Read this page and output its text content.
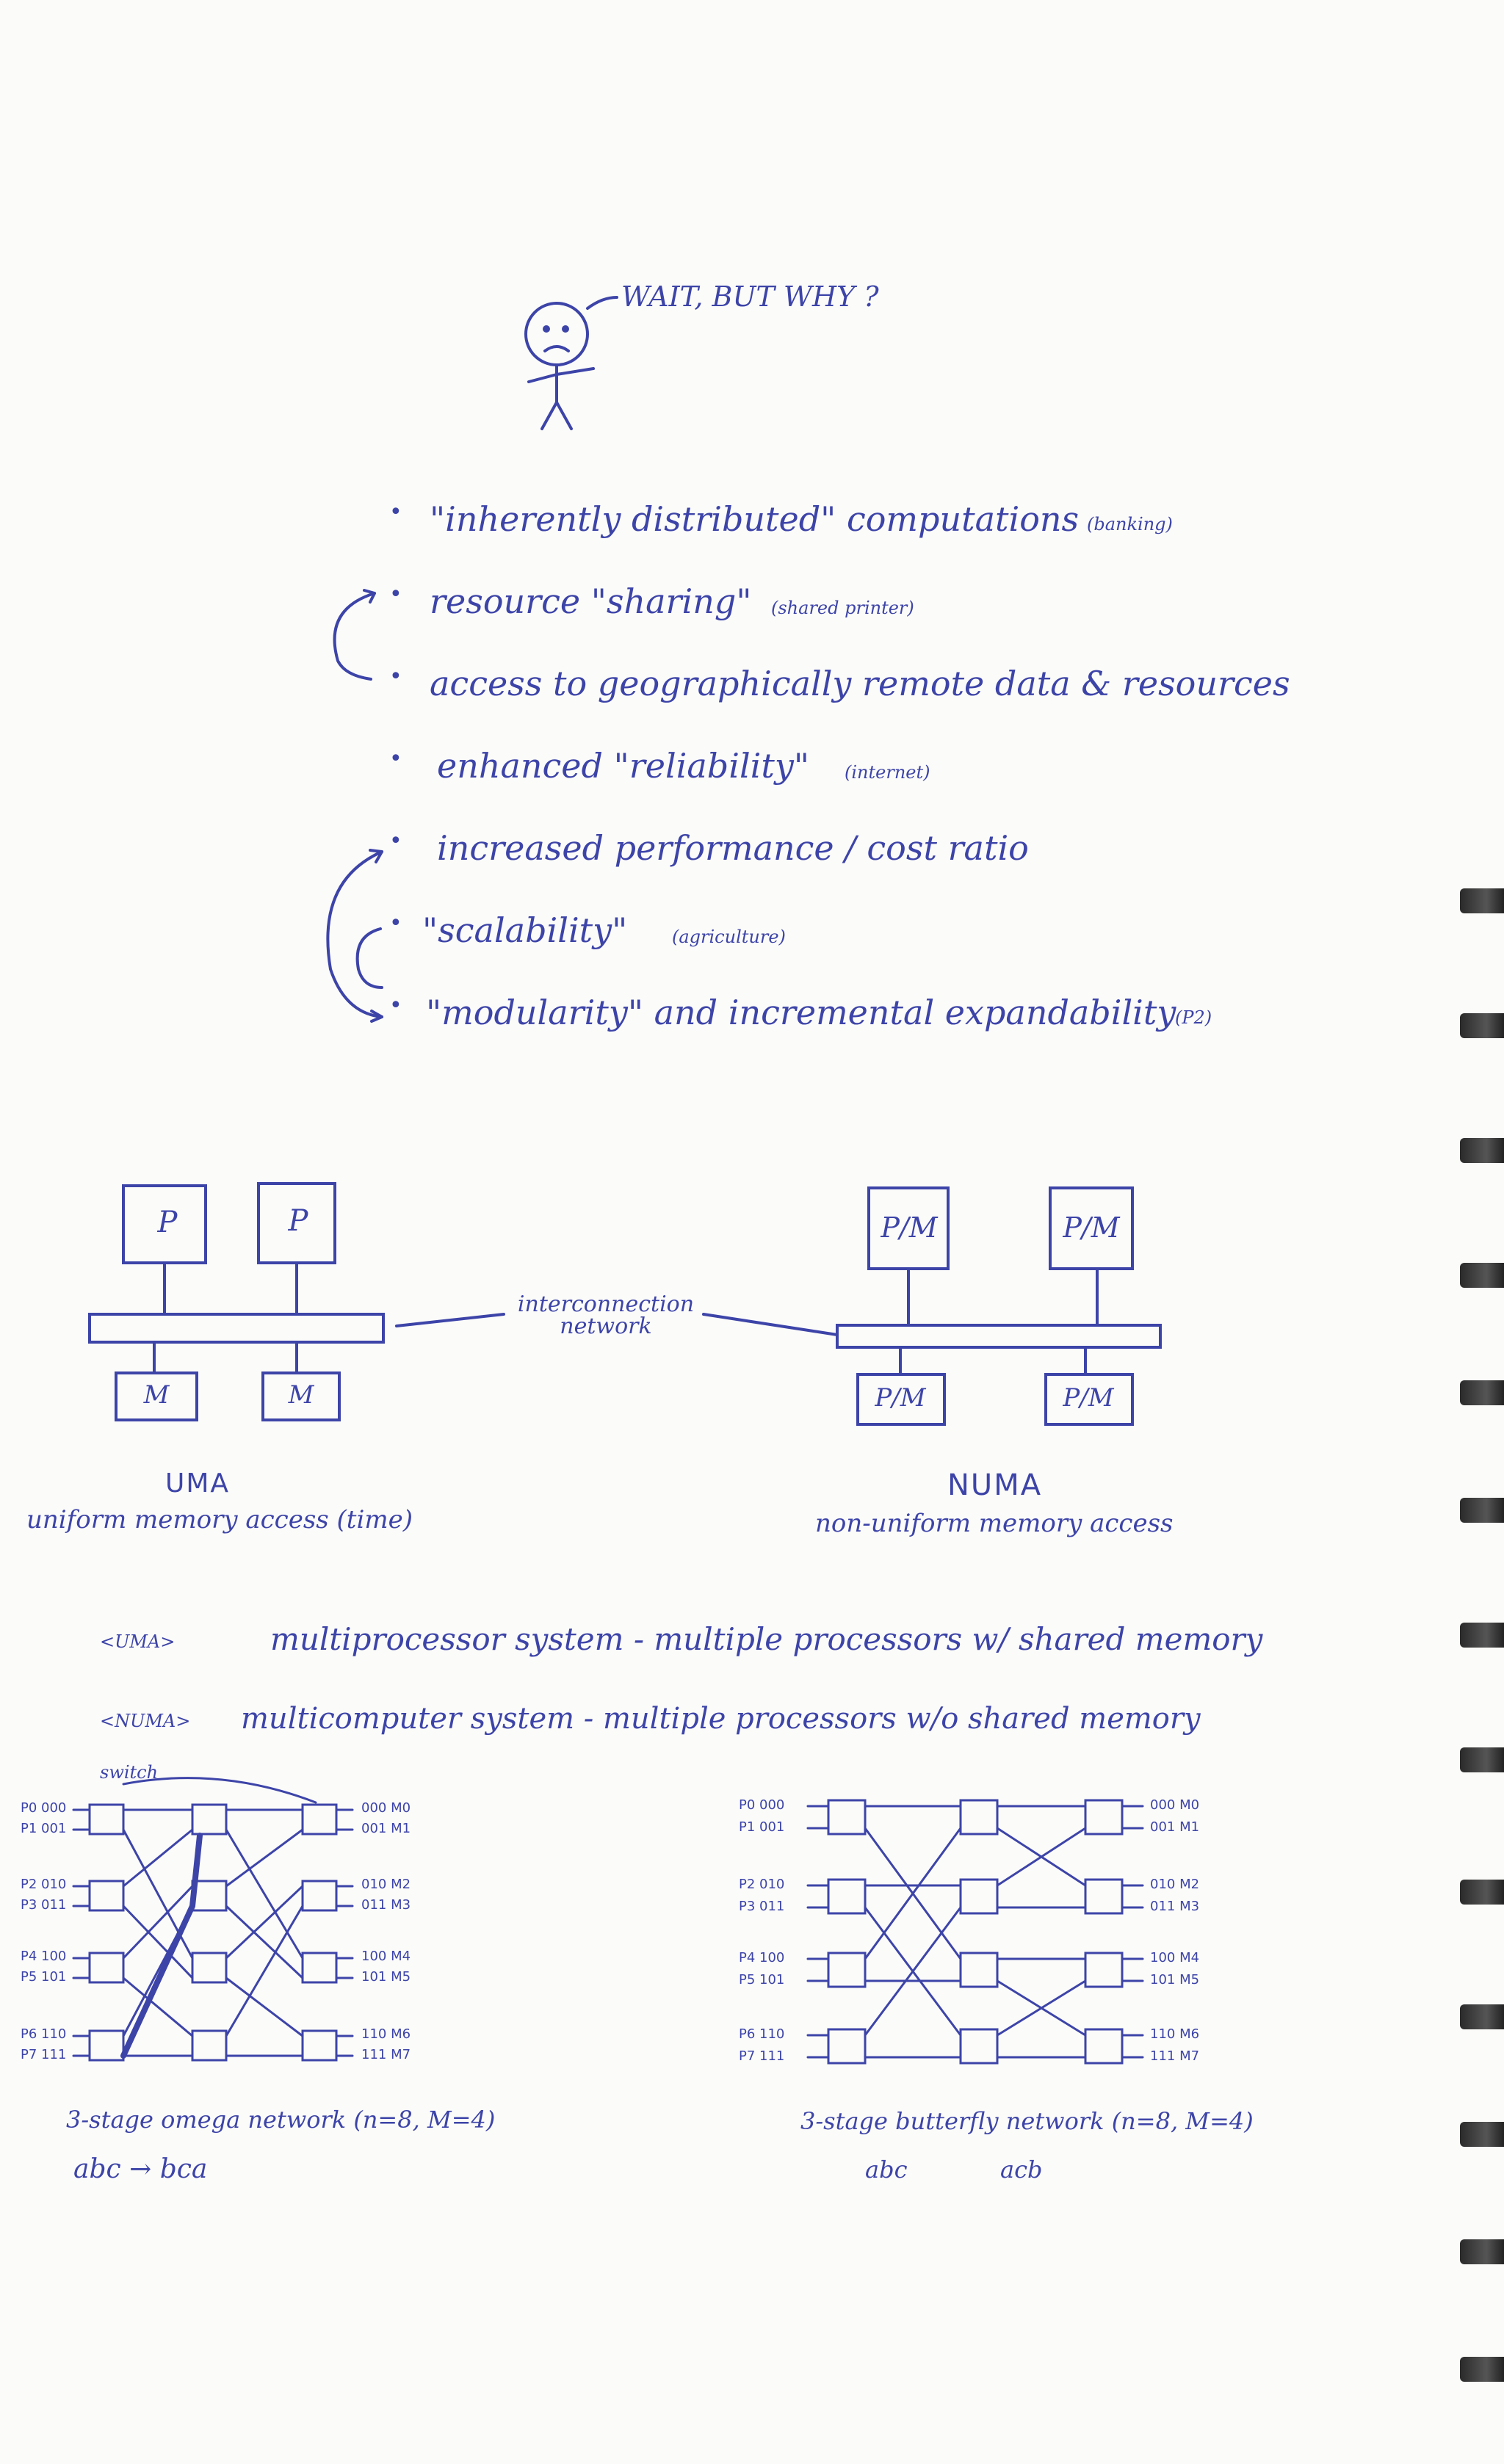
WAIT, BUT WHY ?
• "inherently distributed" computations (banking)
• resource "sharing" (shared printer)
• access to geographically remote data & resources
• enhanced "reliability" (internet)
• increased performance / cost ratio
• "scalability"	(agriculture)
• "modularity" and incremental expandability
(P2)
P	P
M	M
UMA
uniform memory access (time)
interconnection network
P/M	P/M
P/M	P/M
NUMA
non-uniform memory access
<UMA>	multiprocessor system - multiple processors w/ shared memory
<NUMA> multicomputer system - multiple processors w/o shared memory
switch
P0 000
P1 001
P2 010
P3 011
P4 100
P5 101
P6 110
P7 111
000 M0
001 M1
010 M2
011 M3
100 M4
101 M5
110 M6
111 M7
3-stage omega network (n=8, M=4)
abc → bca
P0 000
P1 001
P2 010
P3 011
P4 100
P5 101
P6 110
P7 111
000 M0
001 M1
010 M2
011 M3
100 M4
101 M5
110 M6
111 M7
3-stage butterfly network (n=8, M=4)
abc	acb
